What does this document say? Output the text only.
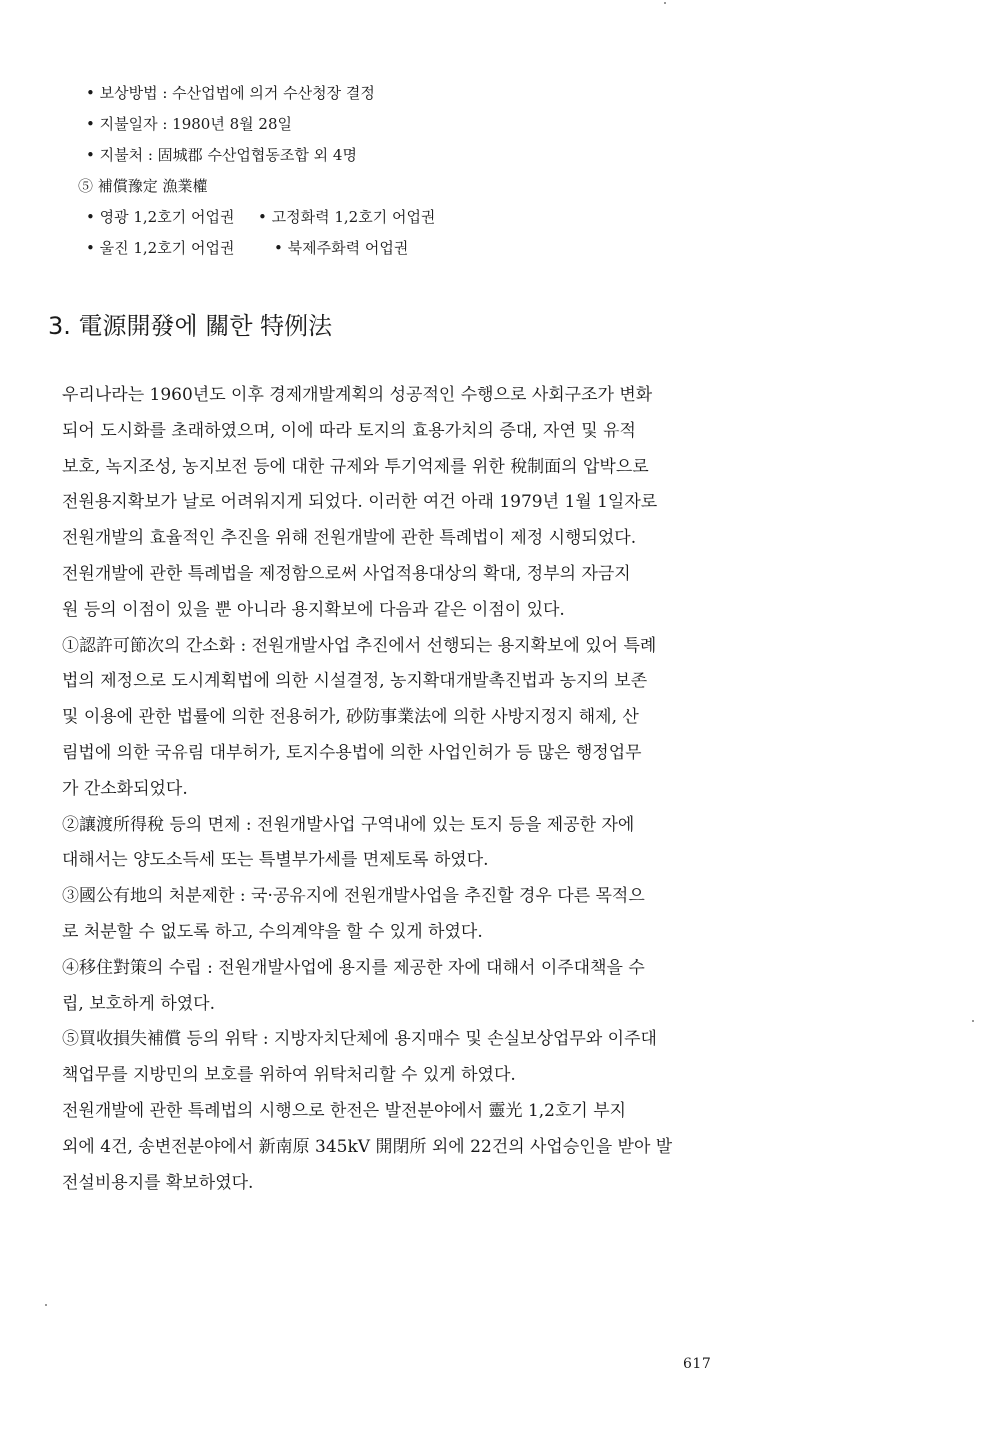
• 보상방법 : 수산업법에 의거 수산청장 결정
• 지불일자 : 1980년 8월 28일
• 지불처 : 固城郡 수산업협동조합 외 4명
⑤ 補償豫定 漁業權
• 영광 1,2호기 어업권	• 고정화력 1,2호기 어업권
• 울진 1,2호기 어업권	• 북제주화력 어업권
3. 電源開發에 關한 特例法

우리나라는 1960년도 이후 경제개발계획의 성공적인 수행으로 사회구조가 변화

되어 도시화를 초래하였으며, 이에 따라 토지의 효용가치의 증대, 자연 및 유적

보호, 녹지조성, 농지보전 등에 대한 규제와 투기억제를 위한 稅制面의 압박으로

전원용지확보가 날로 어려워지게 되었다. 이러한 여건 아래 1979년 1월 1일자로

전원개발의 효율적인 추진을 위해 전원개발에 관한 특례법이 제정 시행되었다.

전원개발에 관한 특례법을 제정함으로써 사업적용대상의 확대, 정부의 자금지

원 등의 이점이 있을 뿐 아니라 용지확보에 다음과 같은 이점이 있다.

①認許可節次의 간소화 : 전원개발사업 추진에서 선행되는 용지확보에 있어 특례

법의 제정으로 도시계획법에 의한 시설결정, 농지확대개발촉진법과 농지의 보존

및 이용에 관한 법률에 의한 전용허가, 砂防事業法에 의한 사방지정지 해제, 산

림법에 의한 국유림 대부허가, 토지수용법에 의한 사업인허가 등 많은 행정업무

가 간소화되었다.

②讓渡所得稅 등의 면제 : 전원개발사업 구역내에 있는 토지 등을 제공한 자에

대해서는 양도소득세 또는 특별부가세를 면제토록 하였다.

③國公有地의 처분제한 : 국·공유지에 전원개발사업을 추진할 경우 다른 목적으

로 처분할 수 없도록 하고, 수의계약을 할 수 있게 하였다.

④移住對策의 수립 : 전원개발사업에 용지를 제공한 자에 대해서 이주대책을 수

립, 보호하게 하였다.

⑤買收損失補償 등의 위탁 : 지방자치단체에 용지매수 및 손실보상업무와 이주대

책업무를 지방민의 보호를 위하여 위탁처리할 수 있게 하였다.

전원개발에 관한 특례법의 시행으로 한전은 발전분야에서 靈光 1,2호기 부지

외에 4건, 송변전분야에서 新南原 345kV 開閉所 외에 22건의 사업승인을 받아 발

전설비용지를 확보하였다.

617
